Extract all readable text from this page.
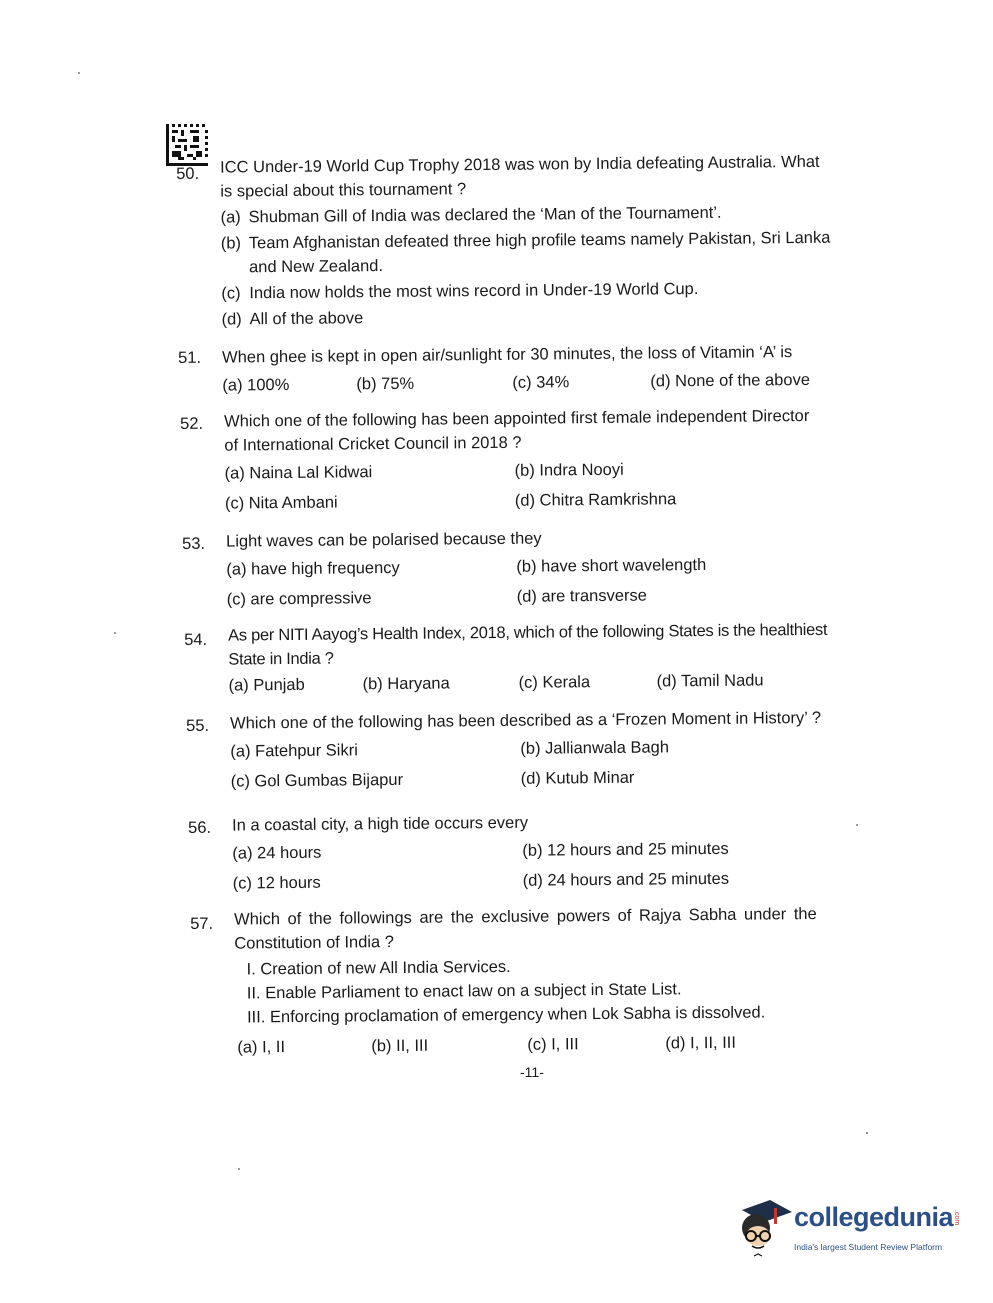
50.	ICC Under-19 World Cup Trophy 2018 was won by India defeating Australia. What
is special about this tournament ?
(a) Shubman Gill of India was declared the ‘Man of the Tournament’.
(b) Team Afghanistan defeated three high profile teams namely Pakistan, Sri Lanka
and New Zealand.
(c) India now holds the most wins record in Under-19 World Cup.
(d) All of the above
51.	When ghee is kept in open air/sunlight for 30 minutes, the loss of Vitamin ‘A’ is
(a) 100%	(b) 75%	(c) 34%	(d) None of the above
52.	Which one of the following has been appointed first female independent Director
of International Cricket Council in 2018 ?
(a) Naina Lal Kidwai	(b) Indra Nooyi
(c) Nita Ambani	(d) Chitra Ramkrishna
53.	Light waves can be polarised because they
(a) have high frequency	(b) have short wavelength
(c) are compressive	(d) are transverse
54.	As per NITI Aayog’s Health Index, 2018, which of the following States is the healthiest
State in India ?
(a) Punjab	(b) Haryana	(c) Kerala	(d) Tamil Nadu
55.	Which one of the following has been described as a ‘Frozen Moment in History’ ?
(a) Fatehpur Sikri	(b) Jallianwala Bagh
(c) Gol Gumbas Bijapur	(d) Kutub Minar
56.	In a coastal city, a high tide occurs every
(a) 24 hours	(b) 12 hours and 25 minutes
(c) 12 hours	(d) 24 hours and 25 minutes
57.	Which of the followings are the exclusive powers of Rajya Sabha under the
Constitution of India ?
I. Creation of new All India Services.
II. Enable Parliament to enact law on a subject in State List.
III. Enforcing proclamation of emergency when Lok Sabha is dissolved.
(a) I, II	(b) II, III	(c) I, III	(d) I, II, III
-11-
collegedunia .com
India's largest Student Review Platform
